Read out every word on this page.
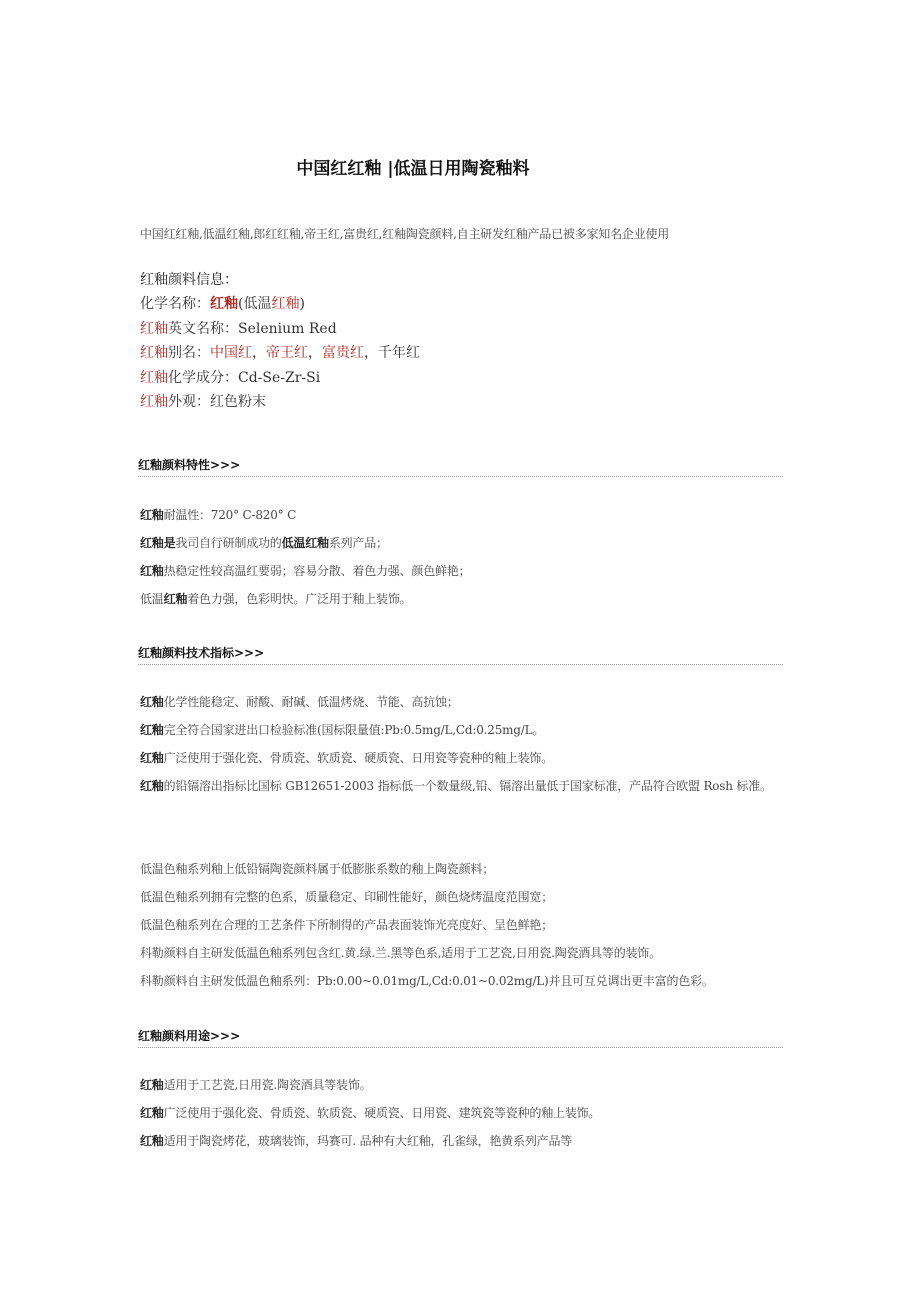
中国红红釉 |低温日用陶瓷釉料

中国红红釉,低温红釉,郎红红釉,帝王红,富贵红,红釉陶瓷颜料,自主研发红釉产品已被多家知名企业使用

红釉颜料信息：
化学名称：红釉(低温红釉)
红釉英文名称：Selenium Red
红釉别名：中国红，帝王红，富贵红，千年红
红釉化学成分：Cd-Se-Zr-Si
红釉外观：红色粉末
红釉颜料特性>>>
红釉耐温性：720° C-820° C
红釉是我司自行研制成功的低温红釉系列产品；
红釉热稳定性较高温红要弱；容易分散、着色力强、颜色鲜艳；
低温红釉着色力强，色彩明快。广泛用于釉上装饰。
红釉颜料技术指标>>>
红釉化学性能稳定、耐酸、耐碱、低温烤烧、节能、高抗蚀；
红釉完全符合国家进出口检验标准(国标限量值:Pb:0.5mg/L,Cd:0.25mg/L。
红釉广泛使用于强化瓷、骨质瓷、软质瓷、硬质瓷、日用瓷等瓷种的釉上装饰。
红釉的铅镉溶出指标比国标 GB12651-2003 指标低一个数量级,铅、镉溶出量低于国家标准，产品符合欧盟 Rosh 标准。
低温色釉系列釉上低铅镉陶瓷颜料属于低膨胀系数的釉上陶瓷颜料；
低温色釉系列拥有完整的色系，质量稳定、印刷性能好，颜色烧烤温度范围宽；
低温色釉系列在合理的工艺条件下所制得的产品表面装饰光亮度好、呈色鲜艳；
科勒颜料自主研发低温色釉系列包含红.黄.绿.兰.黑等色系,适用于工艺瓷,日用瓷.陶瓷酒具等的装饰。
科勒颜料自主研发低温色釉系列：Pb:0.00~0.01mg/L,Cd:0.01~0.02mg/L)并且可互兑调出更丰富的色彩。
红釉颜料用途>>>
红釉适用于工艺瓷,日用瓷.陶瓷酒具等装饰。
红釉广泛使用于强化瓷、骨质瓷、软质瓷、硬质瓷、日用瓷、建筑瓷等瓷种的釉上装饰。
红釉适用于陶瓷烤花，玻璃装饰，玛赛可. 品种有大红釉，孔雀绿，艳黄系列产品等
